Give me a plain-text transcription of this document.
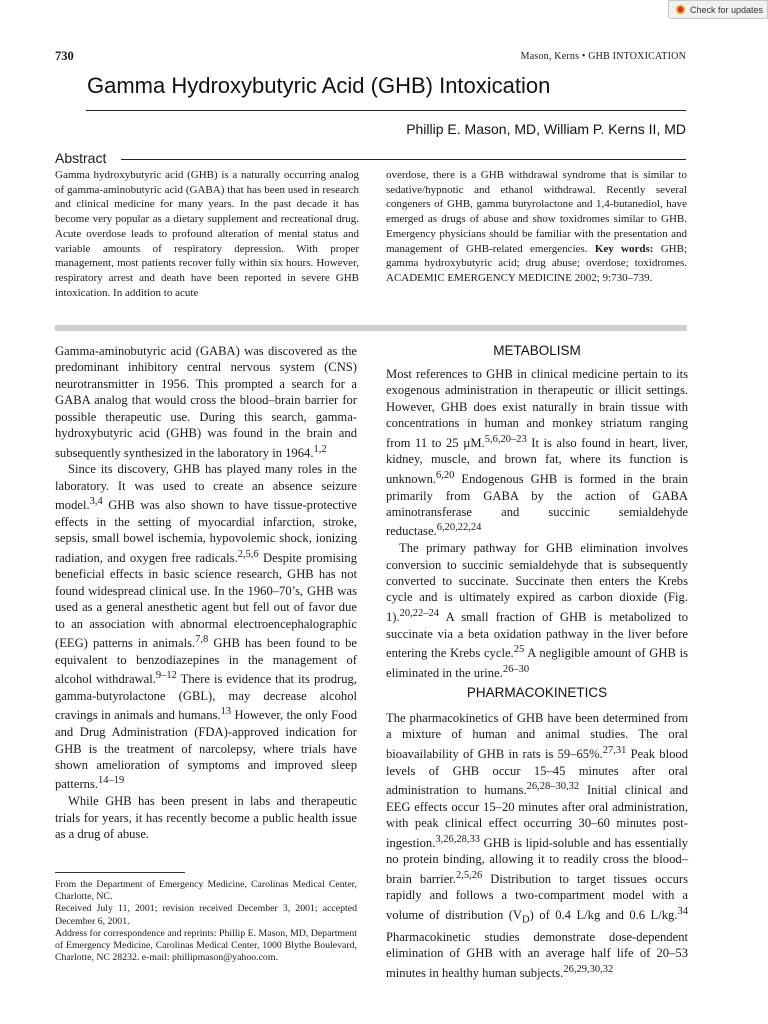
Check for updates
730	Mason, Kerns • GHB INTOXICATION
Gamma Hydroxybutyric Acid (GHB) Intoxication
Phillip E. Mason, MD, William P. Kerns II, MD
Abstract
Gamma hydroxybutyric acid (GHB) is a naturally occurring analog of gamma-aminobutyric acid (GABA) that has been used in research and clinical medicine for many years. In the past decade it has become very popular as a dietary supplement and recreational drug. Acute overdose leads to profound alteration of mental status and variable amounts of respiratory depression. With proper management, most patients recover fully within six hours. However, respiratory arrest and death have been reported in severe GHB intoxication. In addition to acute
overdose, there is a GHB withdrawal syndrome that is similar to sedative/hypnotic and ethanol withdrawal. Recently several congeners of GHB, gamma butyrolactone and 1,4-butanediol, have emerged as drugs of abuse and show toxidromes similar to GHB. Emergency physicians should be familiar with the presentation and management of GHB-related emergencies. Key words: GHB; gamma hydroxybutyric acid; drug abuse; overdose; toxidromes. ACADEMIC EMERGENCY MEDICINE 2002; 9:730–739.

Gamma-aminobutyric acid (GABA) was discovered as the predominant inhibitory central nervous system (CNS) neurotransmitter in 1956. This prompted a search for a GABA analog that would cross the blood–brain barrier for possible therapeutic use. During this search, gamma-hydroxybutyric acid (GHB) was found in the brain and subsequently synthesized in the laboratory in 1964.$^{1,2}$

Since its discovery, GHB has played many roles in the laboratory. It was used to create an absence seizure model.$^{3,4}$ GHB was also shown to have tissue-protective effects in the setting of myocardial infarction, stroke, sepsis, small bowel ischemia, hypovolemic shock, ionizing radiation, and oxygen free radicals.$^{2,5,6}$ Despite promising beneficial effects in basic science research, GHB has not found widespread clinical use. In the 1960–70’s, GHB was used as a general anesthetic agent but fell out of favor due to an association with abnormal electroencephalographic (EEG) patterns in animals.$^{7,8}$ GHB has been found to be equivalent to benzodiazepines in the management of alcohol withdrawal.$^{9-12}$ There is evidence that its prodrug, gamma-butyrolactone (GBL), may decrease alcohol cravings in animals and humans.$^{13}$ However, the only Food and Drug Administration (FDA)-approved indication for GHB is the treatment of narcolepsy, where trials have shown amelioration of symptoms and improved sleep patterns.$^{14-19}$

While GHB has been present in labs and therapeutic trials for years, it has recently become a public health issue as a drug of abuse.

METABOLISM

Most references to GHB in clinical medicine pertain to its exogenous administration in therapeutic or illicit settings. However, GHB does exist naturally in brain tissue with concentrations in human and monkey striatum ranging from 11 to 25 µM.$^{5,6,20-23}$ It is also found in heart, liver, kidney, muscle, and brown fat, where its function is unknown.$^{6,20}$ Endogenous GHB is formed in the brain primarily from GABA by the action of GABA aminotransferase and succinic semialdehyde reductase.$^{6,20,22,24}$

The primary pathway for GHB elimination involves conversion to succinic semialdehyde that is subsequently converted to succinate. Succinate then enters the Krebs cycle and is ultimately expired as carbon dioxide (Fig. 1).$^{20,22-24}$ A small fraction of GHB is metabolized to succinate via a beta oxidation pathway in the liver before entering the Krebs cycle.$^{25}$ A negligible amount of GHB is eliminated in the urine.$^{26-30}$

PHARMACOKINETICS

The pharmacokinetics of GHB have been determined from a mixture of human and animal studies. The oral bioavailability of GHB in rats is 59–65%.$^{27,31}$ Peak blood levels of GHB occur 15–45 minutes after oral administration to humans.$^{26,28-30,32}$ Initial clinical and EEG effects occur 15–20 minutes after oral administration, with peak clinical effect occurring 30–60 minutes post-ingestion.$^{3,26,28,33}$ GHB is lipid-soluble and has essentially no protein binding, allowing it to readily cross the blood–brain barrier.$^{2,5,26}$ Distribution to target tissues occurs rapidly and follows a two-compartment model with a volume of distribution $(V_D)$ of 0.4 L/kg and 0.6 L/kg.$^{34}$ Pharmacokinetic studies demonstrate dose-dependent elimination of GHB with an average half life of 20–53 minutes in healthy human subjects.$^{26,29,30,32}$

From the Department of Emergency Medicine, Carolinas Medical Center, Charlotte, NC.

Received July 11, 2001; revision received December 3, 2001; accepted December 6, 2001.

Address for correspondence and reprints: Phillip E. Mason, MD, Department of Emergency Medicine, Carolinas Medical Center, 1000 Blythe Boulevard, Charlotte, NC 28232. e-mail: phillipmason@yahoo.com.
